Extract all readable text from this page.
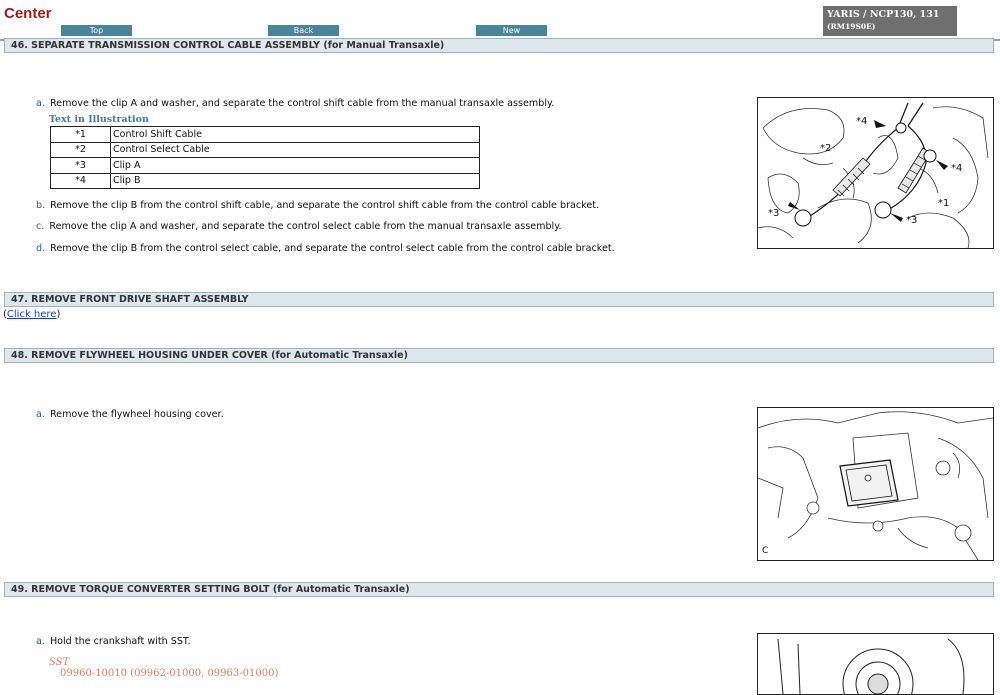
Center
Top	Back	New
YARIS / NCP130, 131
(RM19S0E)
46. SEPARATE TRANSMISSION CONTROL CABLE ASSEMBLY (for Manual Transaxle)
a. Remove the clip A and washer, and separate the control shift cable from the manual transaxle assembly.
Text in Illustration
*1	Control Shift Cable
*2	Control Select Cable
*3	Clip A
*4	Clip B
b. Remove the clip B from the control shift cable, and separate the control shift cable from the control cable bracket.
c. Remove the clip A and washer, and separate the control select cable from the manual transaxle assembly.
d. Remove the clip B from the control select cable, and separate the control select cable from the control cable bracket.
*4
*2
*4
*1
*3
*3
47. REMOVE FRONT DRIVE SHAFT ASSEMBLY
(Click here)
48. REMOVE FLYWHEEL HOUSING UNDER COVER (for Automatic Transaxle)
a. Remove the flywheel housing cover.
C
49. REMOVE TORQUE CONVERTER SETTING BOLT (for Automatic Transaxle)
a. Hold the crankshaft with SST.
SST
09960-10010 (09962-01000, 09963-01000)
